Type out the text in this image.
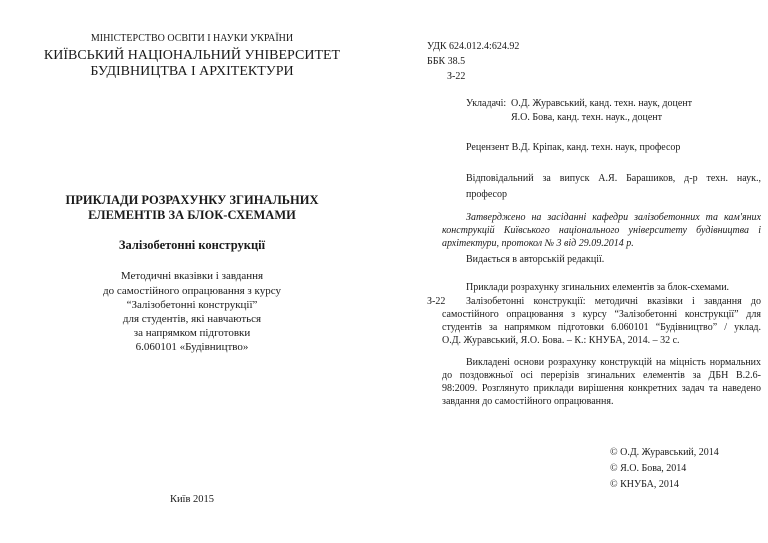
МІНІСТЕРСТВО ОСВІТИ І НАУКИ УКРАЇНИ
КИЇВСЬКИЙ НАЦІОНАЛЬНИЙ УНІВЕРСИТЕТ
БУДІВНИЦТВА І АРХІТЕКТУРИ
ПРИКЛАДИ РОЗРАХУНКУ ЗГИНАЛЬНИХ
ЕЛЕМЕНТІВ ЗА БЛОК-СХЕМАМИ
Залізобетонні конструкції
Методичні вказівки і завдання
до самостійного опрацювання з курсу
“Залізобетонні конструкції”
для студентів, які навчаються
за напрямком підготовки
6.060101 «Будівництво»
Київ 2015
УДК 624.012.4:624.92
ББК 38.5
З-22
Укладачі: О.Д. Журавський, канд. техн. наук, доцент
Я.О. Бова, канд. техн. наук., доцент
Рецензент В.Д. Кріпак, канд. техн. наук, професор
Відповідальний за випуск А.Я. Барашиков, д-р техн. наук.,
професор
Затверджено на засіданні кафедри залізобетонних та кам'яних
конструкцій Київського національного університету будівництва і
архітектури, протокол № 3 від 29.09.2014 р.
Видається в авторській редакції.
Приклади розрахунку згинальних елементів за блок-схемами.
З-22 Залізобетонні конструкції: методичні вказівки і завдання до
самостійного опрацювання з курсу “Залізобетонні конструкції” для
студентів за напрямком підготовки 6.060101 “Будівництво” / уклад.
О.Д. Журавський, Я.О. Бова. – К.: КНУБА, 2014. – 32 с.
Викладені основи розрахунку конструкцій на міцність нормальних
до поздовжньої осі перерізів згинальних елементів за ДБН В.2.6-
98:2009. Розглянуто приклади вирішення конкретних задач та наведено
завдання до самостійного опрацювання.
© О.Д. Журавський, 2014
© Я.О. Бова, 2014
© КНУБА, 2014
